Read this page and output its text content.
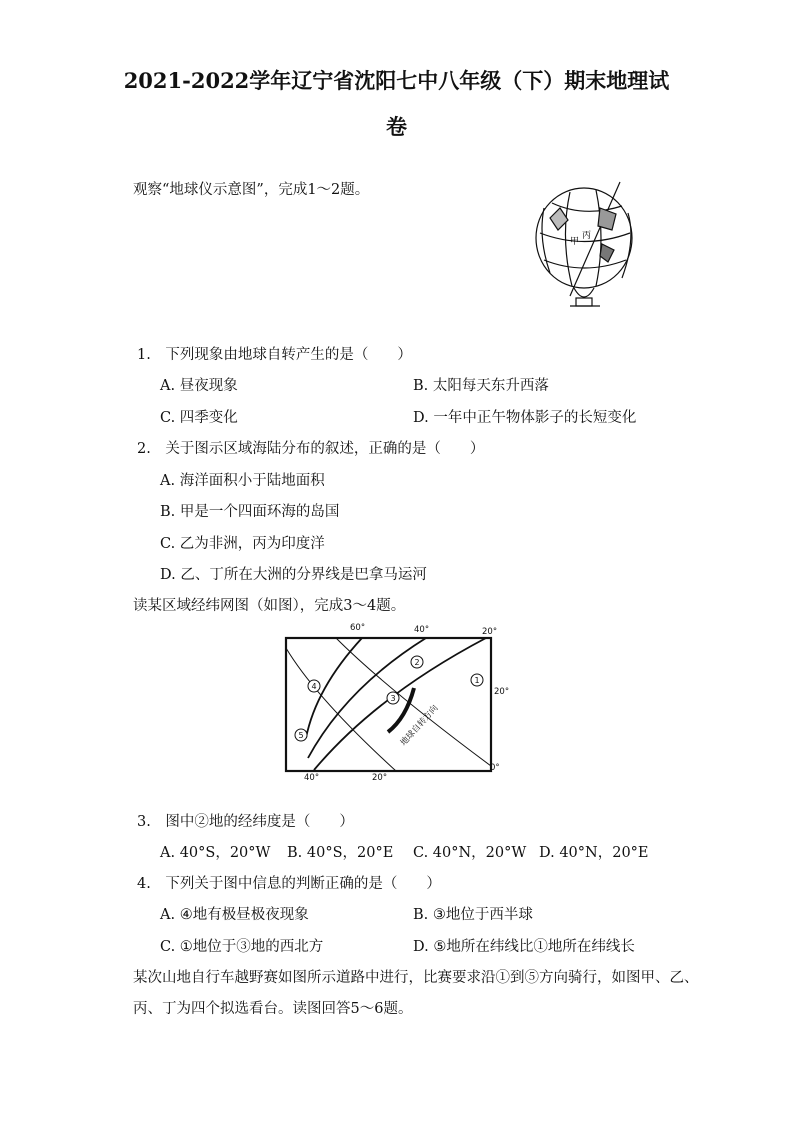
2021-2022学年辽宁省沈阳七中八年级（下）期末地理试
卷
观察“地球仪示意图”，完成1～2题。
甲
丙
1.　下列现象由地球自转产生的是（　　）
A. 昼夜现象	B. 太阳每天东升西落
C. 四季变化	D. 一年中正午物体影子的长短变化
2.　关于图示区域海陆分布的叙述，正确的是（　　）
A. 海洋面积小于陆地面积
B. 甲是一个四面环海的岛国
C. 乙为非洲，丙为印度洋
D. 乙、丁所在大洲的分界线是巴拿马运河
读某区域经纬网图（如图），完成3～4题。
60°	40°	20°
20°
0°
40°	20°
1
2
3
4
5	地球自转方向
3.　图中②地的经纬度是（　　）
A. 40°S，20°W B. 40°S，20°E C. 40°N，20°W D. 40°N，20°E
4.　下列关于图中信息的判断正确的是（　　）
A. ④地有极昼极夜现象	B. ③地位于西半球
C. ①地位于③地的西北方	D. ⑤地所在纬线比①地所在纬线长
某次山地自行车越野赛如图所示道路中进行，比赛要求沿①到⑤方向骑行，如图甲、乙、
丙、丁为四个拟选看台。读图回答5～6题。
